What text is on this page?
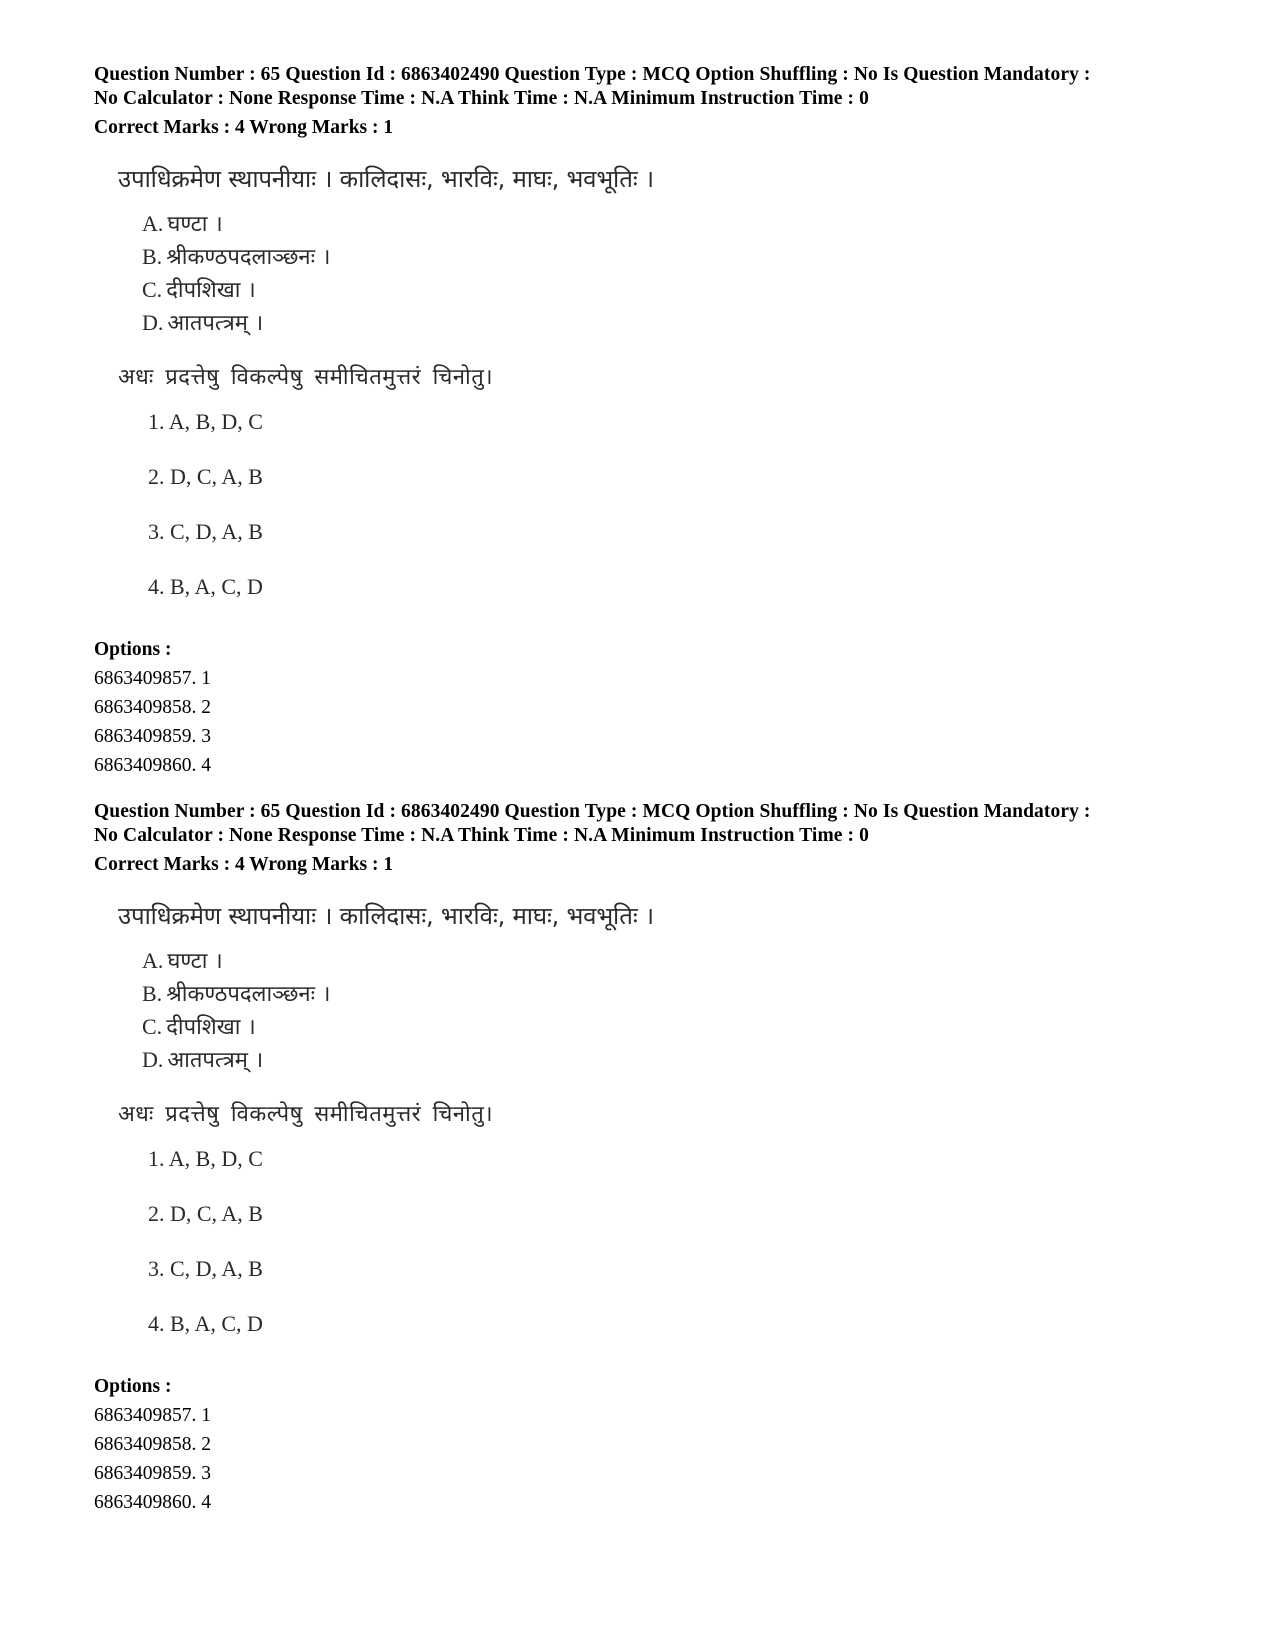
Question Number : 65 Question Id : 6863402490 Question Type : MCQ Option Shuffling : No Is Question Mandatory :
No Calculator : None Response Time : N.A Think Time : N.A Minimum Instruction Time : 0
Correct Marks : 4 Wrong Marks : 1
उपाधिक्रमेण स्थापनीयाः । कालिदासः, भारविः, माघः, भवभूतिः ।
A. घण्टा ।
B. श्रीकण्ठपदलाञ्छनः ।
C. दीपशिखा ।
D. आतपत्त्रम् ।
अधः प्रदत्तेषु विकल्पेषु समीचितमुत्तरं चिनोतु।
1. A, B, D, C
2. D, C, A, B
3. C, D, A, B
4. B, A, C, D
Options :
6863409857. 1
6863409858. 2
6863409859. 3
6863409860. 4
Question Number : 65 Question Id : 6863402490 Question Type : MCQ Option Shuffling : No Is Question Mandatory :
No Calculator : None Response Time : N.A Think Time : N.A Minimum Instruction Time : 0
Correct Marks : 4 Wrong Marks : 1
उपाधिक्रमेण स्थापनीयाः । कालिदासः, भारविः, माघः, भवभूतिः ।
A. घण्टा ।
B. श्रीकण्ठपदलाञ्छनः ।
C. दीपशिखा ।
D. आतपत्त्रम् ।
अधः प्रदत्तेषु विकल्पेषु समीचितमुत्तरं चिनोतु।
1. A, B, D, C
2. D, C, A, B
3. C, D, A, B
4. B, A, C, D
Options :
6863409857. 1
6863409858. 2
6863409859. 3
6863409860. 4
